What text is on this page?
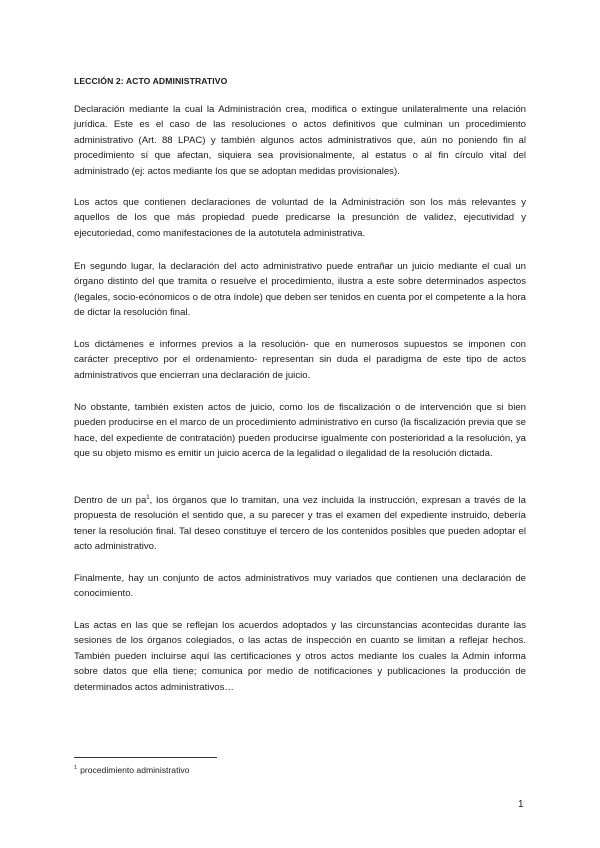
LECCIÓN 2: ACTO ADMINISTRATIVO

Declaración mediante la cual la Administración crea, modifica o extingue unilateralmente una relación jurídica. Este es el caso de las resoluciones o actos definitivos que culminan un procedimiento administrativo (Art. 88 LPAC) y también algunos actos administrativos que, aún no poniendo fin al procedimiento sí que afectan, siquiera sea provisionalmente, al estatus o al fin círculo vital del administrado (ej: actos mediante los que se adoptan medidas provisionales).

Los actos que contienen declaraciones de voluntad de la Administración son los más relevantes y aquellos de los que más propiedad puede predicarse la presunción de validez, ejecutividad y ejecutoriedad, como manifestaciones de la autotutela administrativa.

En segundo lugar, la declaración del acto administrativo puede entrañar un juicio mediante el cual un órgano distinto del que tramita o resuelve el procedimiento, ilustra a este sobre determinados aspectos (legales, socio-ecónomicos o de otra índole) que deben ser tenidos en cuenta por el competente a la hora de dictar la resolución final.

Los dictámenes e informes previos a la resolución- que en numerosos supuestos se imponen con carácter preceptivo por el ordenamiento- representan sin duda el paradigma de este tipo de actos administrativos que encierran una declaración de juicio.

No obstante, también existen actos de juicio, como los de fiscalización o de intervención que si bien pueden producirse en el marco de un procedimiento administrativo en curso (la fiscalización previa que se hace, del expediente de contratación) pueden producirse igualmente con posterioridad a la resolución, ya que su objeto mismo es emitir un juicio acerca de la legalidad o ilegalidad de la resolución dictada.

Dentro de un pa$^1$, los órganos que lo tramitan, una vez incluida la instrucción, expresan a través de la propuesta de resolución el sentido que, a su parecer y tras el examen del expediente instruido, debería tener la resolución final. Tal deseo constituye el tercero de los contenidos posibles que pueden adoptar el acto administrativo.

Finalmente, hay un conjunto de actos administrativos muy variados que contienen una declaración de conocimiento.

Las actas en las que se reflejan los acuerdos adoptados y las circunstancias acontecidas durante las sesiones de los órganos colegiados, o las actas de inspección en cuanto se limitan a reflejar hechos. También pueden incluirse aquí las certificaciones y otros actos mediante los cuales la Admin informa sobre datos que ella tiene; comunica por medio de notificaciones y publicaciones la producción de determinados actos administrativos…

$^1$ procedimiento administrativo
1
